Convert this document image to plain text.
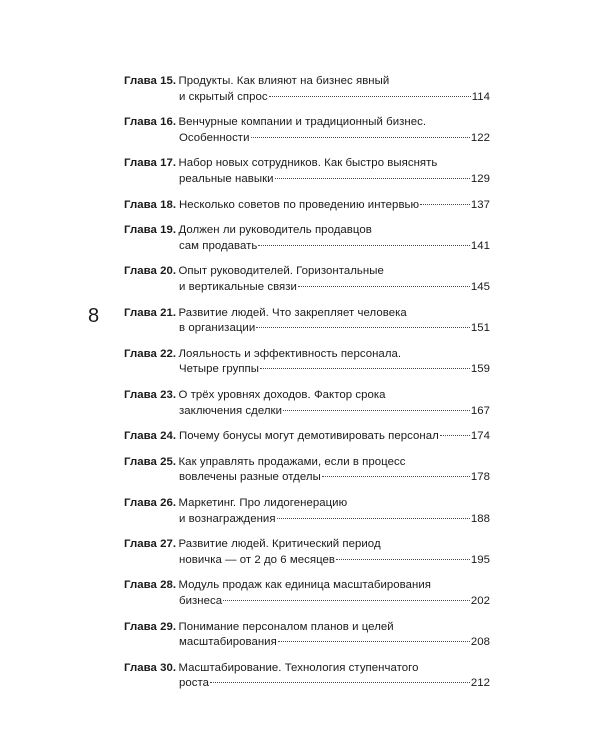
8
Глава 15. Продукты. Как влияют на бизнес явный
и скрытый спрос	114
Глава 16. Венчурные компании и традиционный бизнес.
Особенности	122
Глава 17. Набор новых сотрудников. Как быстро выяснять
реальные навыки	129
Глава 18. Несколько советов по проведению интервью	137
Глава 19. Должен ли руководитель продавцов
сам продавать	141
Глава 20. Опыт руководителей. Горизонтальные
и вертикальные связи	145
Глава 21. Развитие людей. Что закрепляет человека
в организации	151
Глава 22. Лояльность и эффективность персонала.
Четыре группы	159
Глава 23. О трёх уровнях доходов. Фактор срока
заключения сделки	167
Глава 24. Почему бонусы могут демотивировать персонал	174
Глава 25. Как управлять продажами, если в процесс
вовлечены разные отделы	178
Глава 26. Маркетинг. Про лидогенерацию
и вознаграждения	188
Глава 27. Развитие людей. Критический период
новичка — от 2 до 6 месяцев	195
Глава 28. Модуль продаж как единица масштабирования
бизнеса	202
Глава 29. Понимание персоналом планов и целей
масштабирования	208
Глава 30. Масштабирование. Технология ступенчатого
роста	212
